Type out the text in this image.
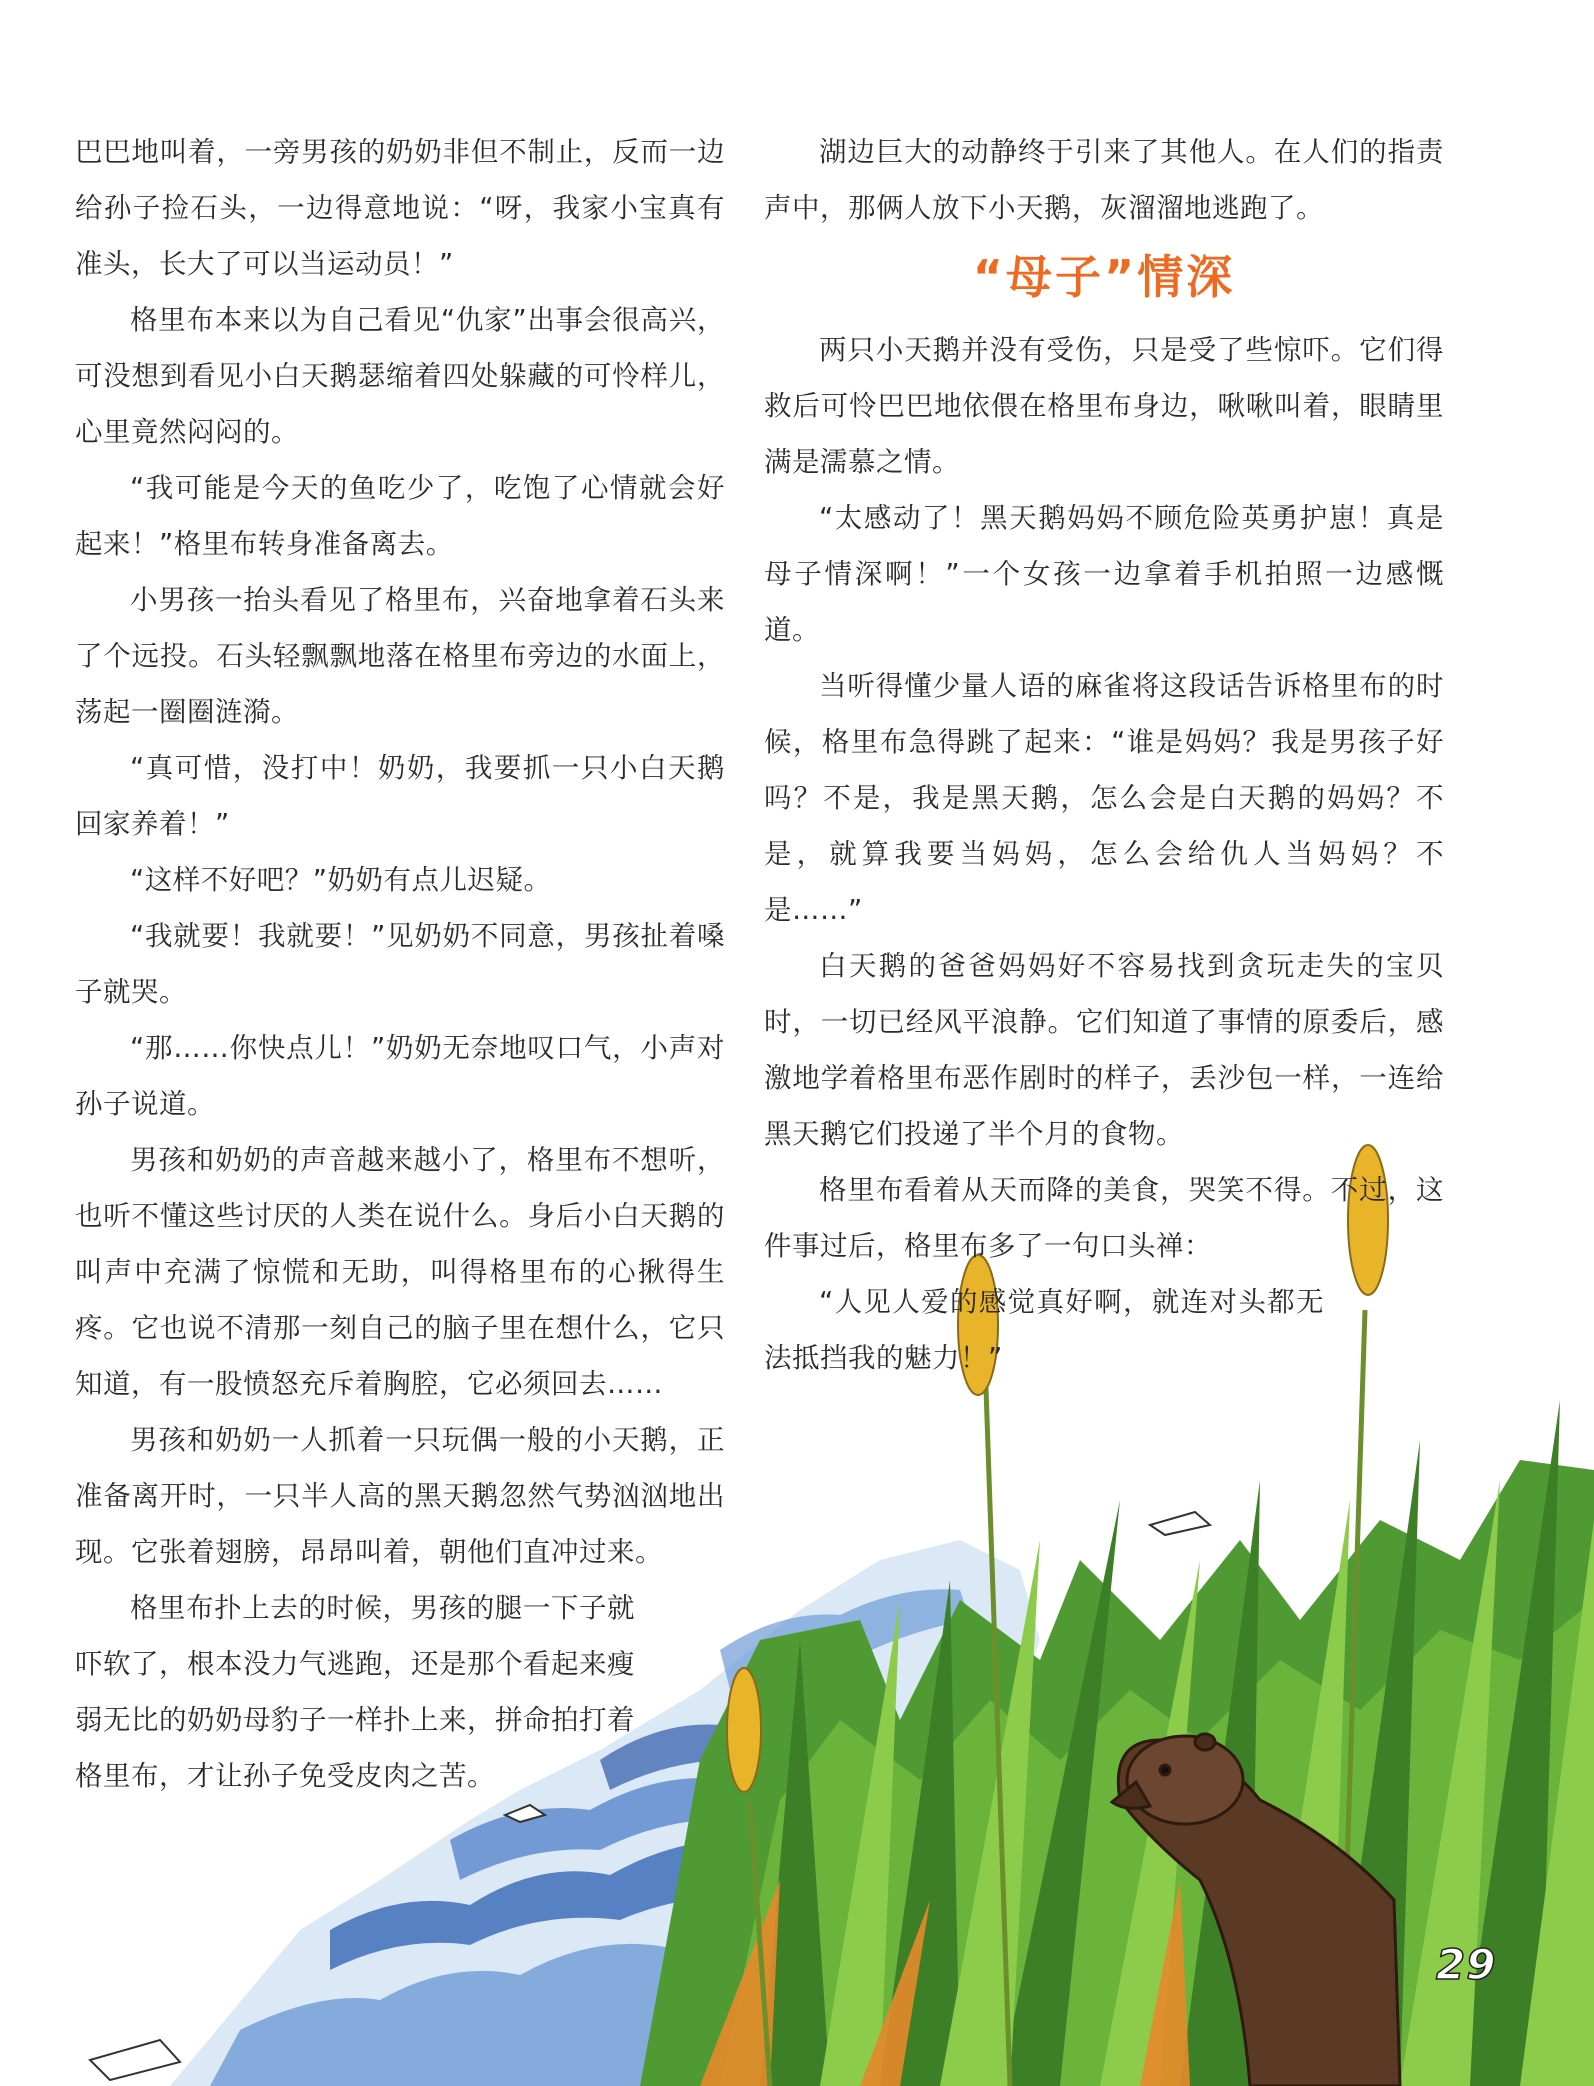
巴巴地叫着，一旁男孩的奶奶非但不制止，反而一边给孙子捡石头，一边得意地说：“呀，我家小宝真有准头，长大了可以当运动员！”

格里布本来以为自己看见“仇家”出事会很高兴，可没想到看见小白天鹅瑟缩着四处躲藏的可怜样儿，心里竟然闷闷的。

“我可能是今天的鱼吃少了，吃饱了心情就会好起来！”格里布转身准备离去。

小男孩一抬头看见了格里布，兴奋地拿着石头来了个远投。石头轻飘飘地落在格里布旁边的水面上，荡起一圈圈涟漪。

“真可惜，没打中！奶奶，我要抓一只小白天鹅回家养着！”

“这样不好吧？”奶奶有点儿迟疑。

“我就要！我就要！”见奶奶不同意，男孩扯着嗓子就哭。

“那……你快点儿！”奶奶无奈地叹口气，小声对孙子说道。

男孩和奶奶的声音越来越小了，格里布不想听，也听不懂这些讨厌的人类在说什么。身后小白天鹅的叫声中充满了惊慌和无助，叫得格里布的心揪得生疼。它也说不清那一刻自己的脑子里在想什么，它只知道，有一股愤怒充斥着胸腔，它必须回去……

男孩和奶奶一人抓着一只玩偶一般的小天鹅，正准备离开时，一只半人高的黑天鹅忽然气势汹汹地出现。它张着翅膀，昂昂叫着，朝他们直冲过来。

格里布扑上去的时候，男孩的腿一下子就吓软了，根本没力气逃跑，还是那个看起来瘦弱无比的奶奶母豹子一样扑上来，拼命拍打着格里布，才让孙子免受皮肉之苦。

湖边巨大的动静终于引来了其他人。在人们的指责声中，那俩人放下小天鹅，灰溜溜地逃跑了。

“母子”情深

两只小天鹅并没有受伤，只是受了些惊吓。它们得救后可怜巴巴地依偎在格里布身边，啾啾叫着，眼睛里满是濡慕之情。

“太感动了！黑天鹅妈妈不顾危险英勇护崽！真是母子情深啊！”一个女孩一边拿着手机拍照一边感慨道。

当听得懂少量人语的麻雀将这段话告诉格里布的时候，格里布急得跳了起来：“谁是妈妈？我是男孩子好吗？不是，我是黑天鹅，怎么会是白天鹅的妈妈？不是，就算我要当妈妈，怎么会给仇人当妈妈？不是……”

白天鹅的爸爸妈妈好不容易找到贪玩走失的宝贝时，一切已经风平浪静。它们知道了事情的原委后，感激地学着格里布恶作剧时的样子，丢沙包一样，一连给黑天鹅它们投递了半个月的食物。

格里布看着从天而降的美食，哭笑不得。不过，这件事过后，格里布多了一句口头禅：

“人见人爱的感觉真好啊，就连对头都无法抵挡我的魅力！”

29
